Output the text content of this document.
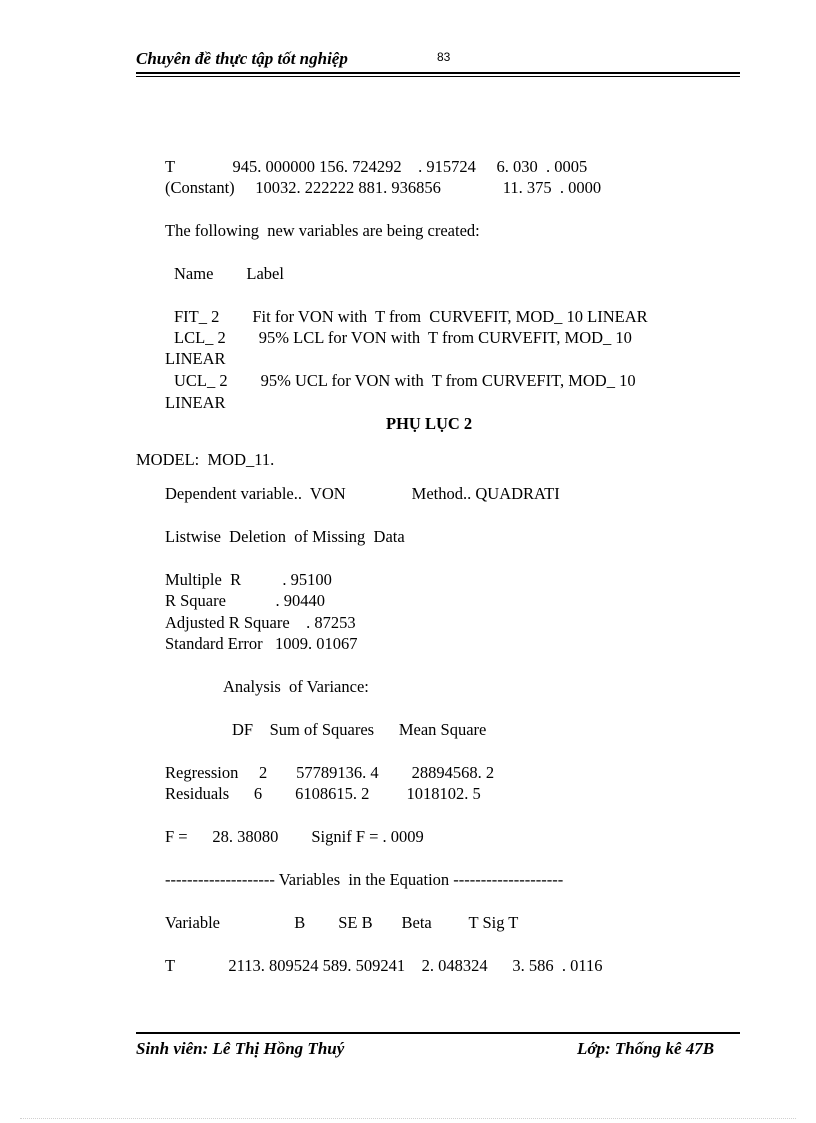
Chuyên đề thực tập tốt nghiệp	83
T              945. 000000 156. 724292    . 915724     6. 030  . 0005
(Constant)     10032. 222222 881. 936856               11. 375  . 0000
The following  new variables are being created:
Name        Label
FIT_ 2        Fit for VON with  T from  CURVEFIT, MOD_ 10 LINEAR
LCL_ 2        95% LCL for VON with  T from CURVEFIT, MOD_ 10
LINEAR
UCL_ 2        95% UCL for VON with  T from CURVEFIT, MOD_ 10
LINEAR
PHỤ LỤC 2
MODEL:  MOD_11.
Dependent variable..  VON                Method.. QUADRATI
Listwise  Deletion  of Missing  Data
Multiple  R          . 95100
R Square            . 90440
Adjusted R Square    . 87253
Standard Error   1009. 01067
Analysis  of Variance:
DF    Sum of Squares      Mean Square
Regression     2       57789136. 4        28894568. 2
Residuals      6        6108615. 2         1018102. 5
F =      28. 38080        Signif F = . 0009
-------------------- Variables  in the Equation --------------------
Variable                  B        SE B       Beta         T Sig T
T             2113. 809524 589. 509241    2. 048324      3. 586  . 0116
Sinh viên: Lê Thị Hồng Thuý	Lớp: Thống kê 47B
